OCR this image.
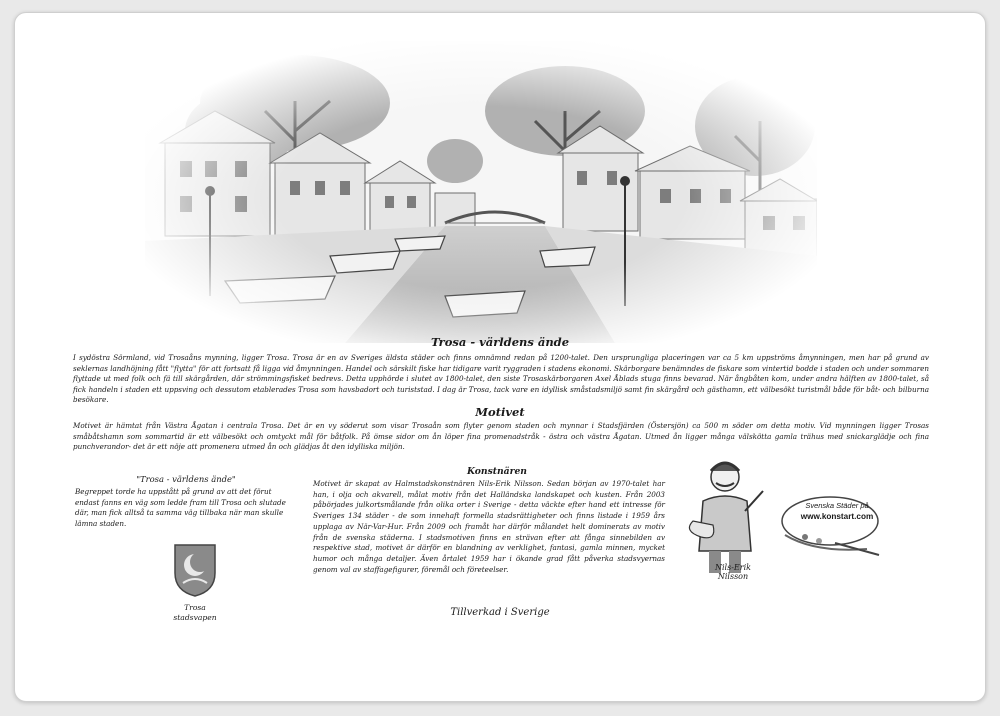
Trosa - världens ände
I sydöstra Sörmland, vid Trosaåns mynning, ligger Trosa. Trosa är en av Sveriges äldsta städer och finns omnämnd redan på 1200-talet. Den ursprungliga placeringen var ca 5 km uppströms åmynningen, men har på grund av seklernas landhöjning fått "flytta" för att fortsatt få ligga vid åmynningen. Handel och särskilt fiske har tidigare varit ryggraden i stadens ekonomi. Skärborgare benämndes de fiskare som vintertid bodde i staden och under sommaren flyttade ut med folk och fä till skärgården, där strömmingsfisket bedrevs. Detta upphörde i slutet av 1800-talet, den siste Trosaskärborgaren Axel Åblads stuga finns bevarad. När ångbåten kom, under andra hälften av 1800-talet, så fick handeln i staden ett uppsving och dessutom etablerades Trosa som havsbadort och turiststad. I dag är Trosa, tack vare en idyllisk småstadsmiljö samt fin skärgård och gästhamn, ett välbesökt turistmål både för båt- och bilburna besökare.
Motivet
Motivet är hämtat från Västra Ågatan i centrala Trosa. Det är en vy söderut som visar Trosaån som flyter genom staden och mynnar i Stadsfjärden (Östersjön) ca 500 m söder om detta motiv. Vid mynningen ligger Trosas småbåtshamn som sommartid är ett välbesökt och omtyckt mål för båtfolk. På ömse sidor om ån löper fina promenadstråk - östra och västra Ågatan. Utmed ån ligger många välskötta gamla trähus med snickarglädje och fina punchverandor- det är ett nöje att promenera utmed ån och glädjas åt den idylliska miljön.
"Trosa - världens ände"
Begreppet torde ha uppstått på grund av att det förut endast fanns en väg som ledde fram till Trosa och slutade där, man fick alltså ta samma väg tillbaka när man skulle lämna staden.
Trosa
stadsvapen
Konstnären
Motivet är skapat av Halmstadskonstnären Nils-Erik Nilsson. Sedan början av 1970-talet har han, i olja och akvarell, målat motiv från det Halländska landskapet och kusten. Från 2003 påbörjades julkortsmålande från olika orter i Sverige - detta väckte efter hand ett intresse för Sveriges 134 städer - de som innehaft formella stadsrättigheter och finns listade i 1959 års upplaga av När-Var-Hur. Från 2009 och framåt har därför målandet helt dominerats av motiv från de svenska städerna. I stadsmotiven finns en strävan efter att fånga sinnebilden av respektive stad, motivet är därför en blandning av verklighet, fantasi, gamla minnen, mycket humor och många detaljer. Även årtalet 1959 har i ökande grad fått påverka stadsvyernas genom val av staffagefigurer, föremål och företeelser.	Nils-Erik
Nilsson
Svenska Städer på
www.konstart.com
Tillverkad i Sverige
